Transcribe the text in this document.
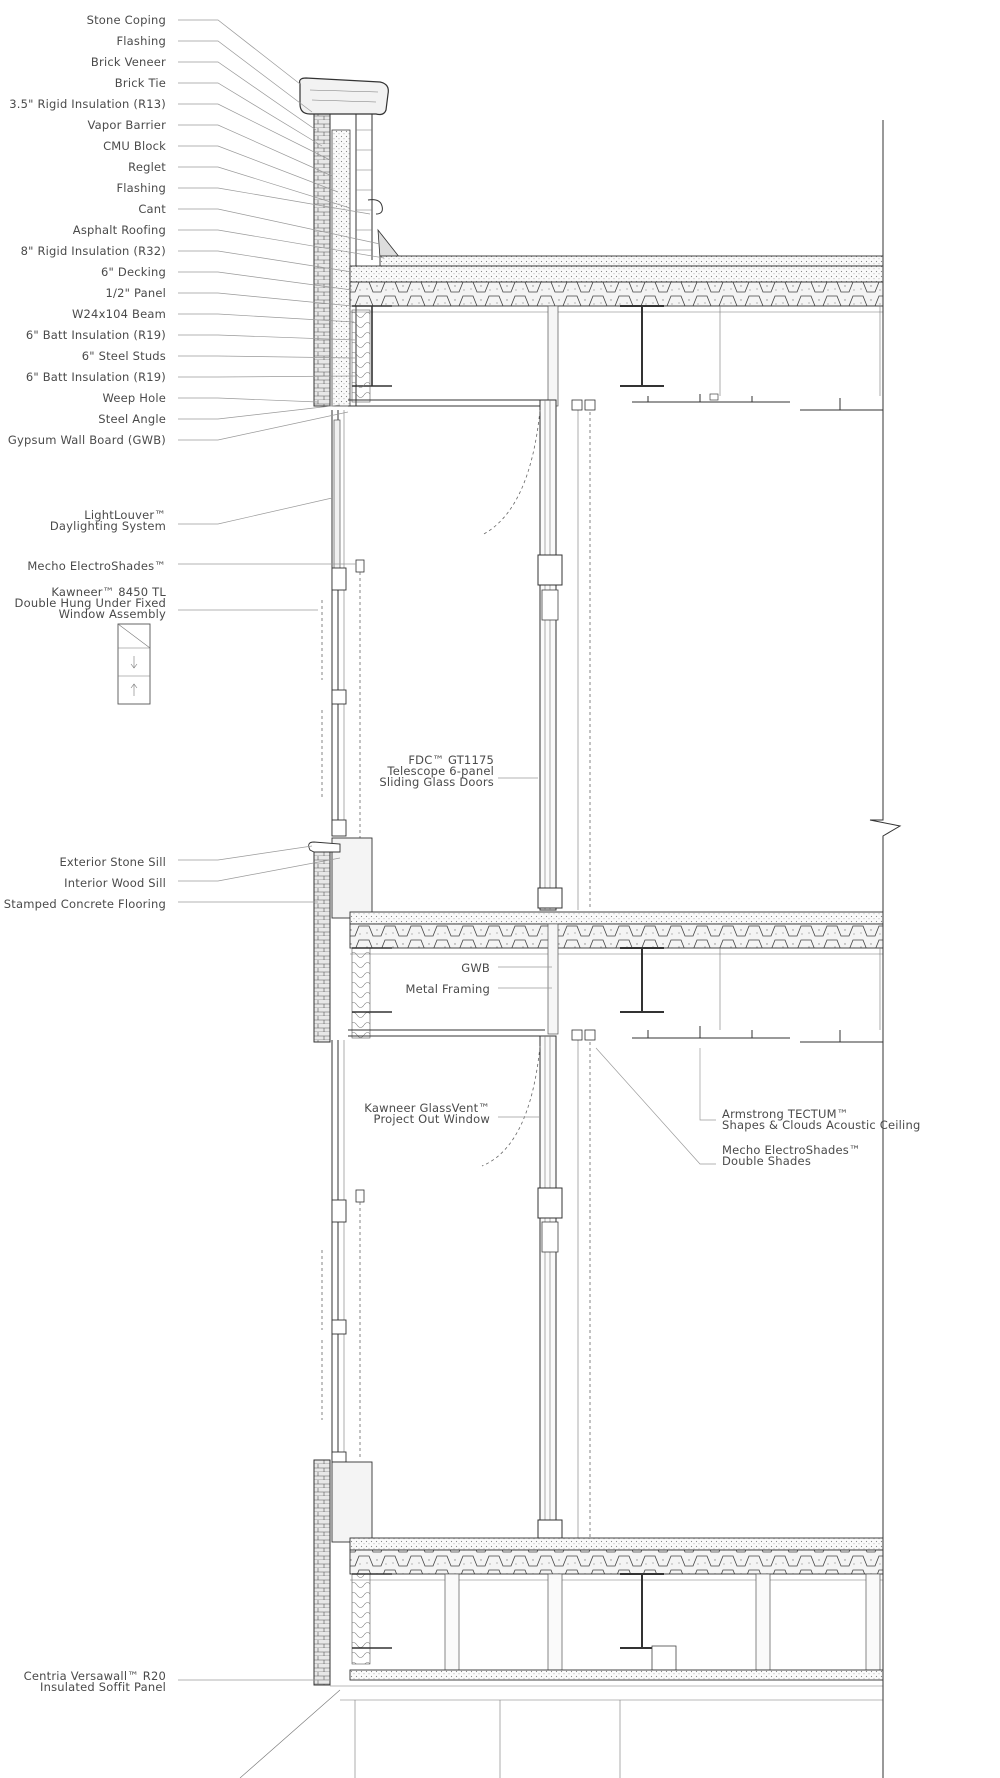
Stone Coping
Flashing
Brick Veneer
Brick Tie
3.5" Rigid Insulation (R13)
Vapor Barrier
CMU Block
Reglet
Flashing
Cant
Asphalt Roofing
8" Rigid Insulation (R32)
6" Decking
1/2" Panel
W24x104 Beam
6" Batt Insulation (R19)
6" Steel Studs
6" Batt Insulation (R19)
Weep Hole
Steel Angle
Gypsum Wall Board (GWB)
LightLouver™
Daylighting System
Mecho ElectroShades™
Kawneer™ 8450 TL
Double Hung Under Fixed
Window Assembly
Exterior Stone Sill
Interior Wood Sill
Stamped Concrete Flooring
Centria Versawall™ R20
Insulated Soffit Panel
FDC™ GT1175
Telescope 6-panel
Sliding Glass Doors
GWB
Metal Framing
Kawneer GlassVent™
Project Out Window	Armstrong TECTUM™
Shapes & Clouds Acoustic Ceiling
Mecho ElectroShades™
Double Shades
